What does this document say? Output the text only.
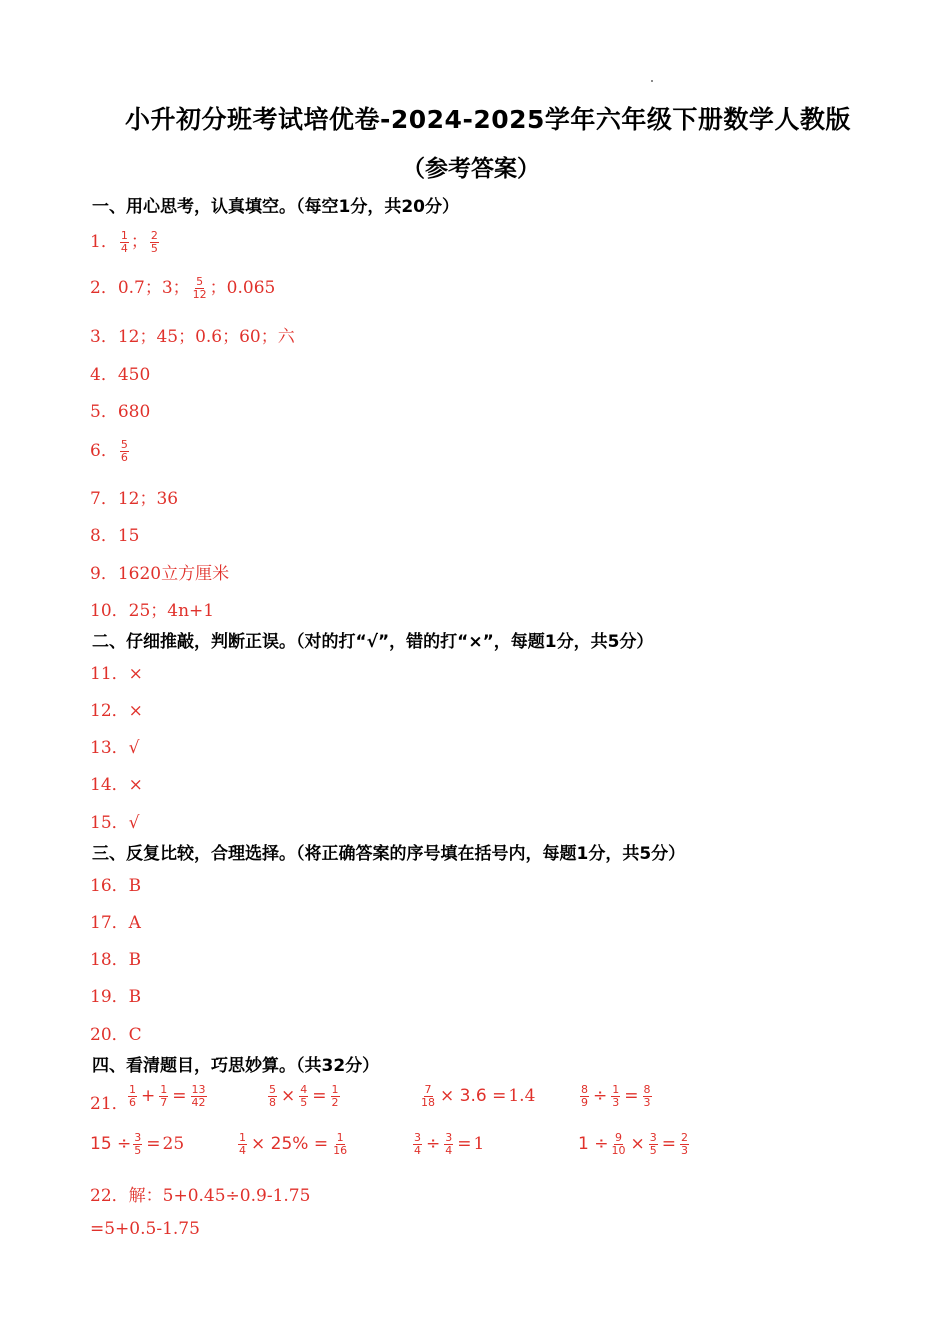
小升初分班考试培优卷-2024-2025学年六年级下册数学人教版
（参考答案）
一、用心思考，认真填空。（每空1分，共20分）
1． $\frac{1}{4}$ ； $\frac{2}{5}$
2．0.7；3； $\frac{5}{12}$ ；0.065
3．12；45；0.6；60；六
4．450
5．680
6． $\frac{5}{6}$
7．12；36
8．15
9．1620立方厘米
10．25；4n+1
二、仔细推敲，判断正误。（对的打“√”，错的打“×”，每题1分，共5分）
11．×
12．×
13．√
14．×
15．√
三、反复比较，合理选择。（将正确答案的序号填在括号内，每题1分，共5分）
16．B
17．A
18．B
19．B
20．C
四、看清题目，巧思妙算。（共32分）
21． $\frac{1}{6} + \frac{1}{7} = \frac{13}{42}$	$\frac{5}{8} \times \frac{4}{5} = \frac{1}{2}$	$\frac{7}{18} \times 3.6 = 1.4$	$\frac{8}{9} \div \frac{1}{3} = \frac{8}{3}$
$15 \div \frac{3}{5} = 25$	$\frac{1}{4} \times 25\% = \frac{1}{16}$	$\frac{3}{4} \div \frac{3}{4} = 1$	$1 \div \frac{9}{10} \times \frac{3}{5} = \frac{2}{3}$
22．解：5+0.45÷0.9-1.75
=5+0.5-1.75
